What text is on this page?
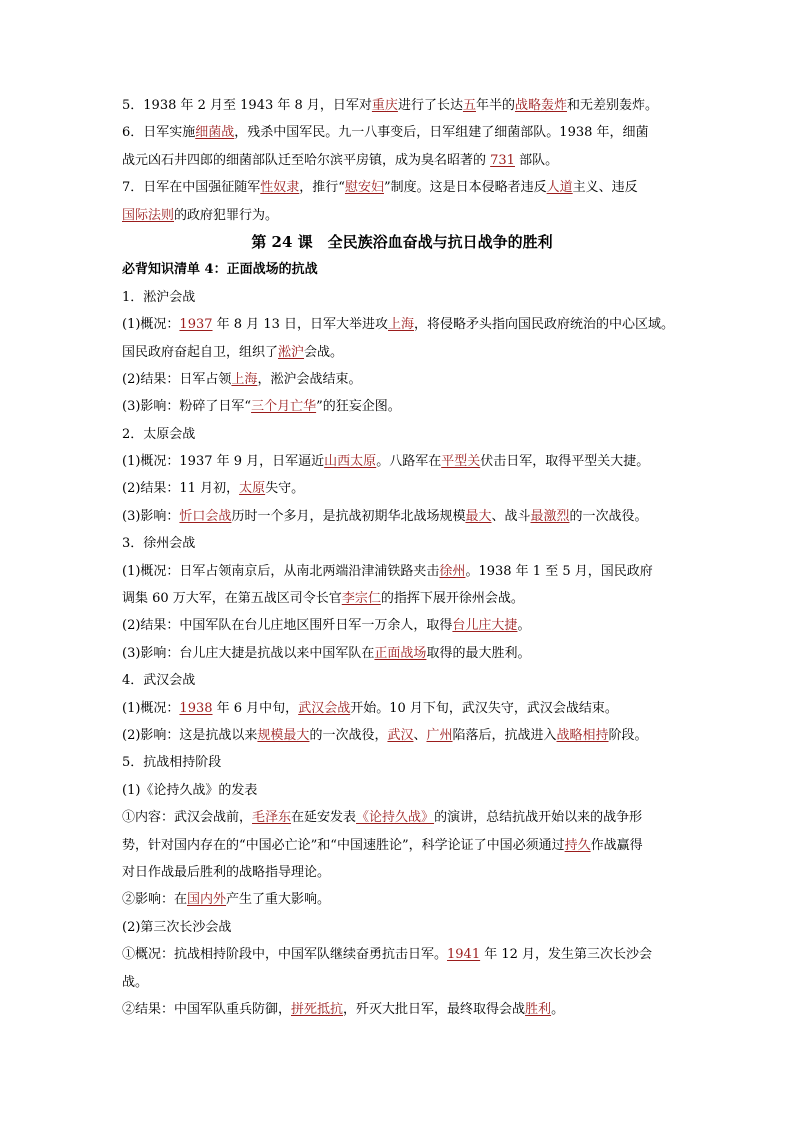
5．1938 年 2 月至 1943 年 8 月，日军对重庆进行了长达五年半的战略轰炸和无差别轰炸。
6．日军实施细菌战，残杀中国军民。九一八事变后，日军组建了细菌部队。1938 年，细菌
战元凶石井四郎的细菌部队迁至哈尔滨平房镇，成为臭名昭著的 731 部队。
7．日军在中国强征随军性奴隶，推行“慰安妇”制度。这是日本侵略者违反人道主义、违反
国际法则的政府犯罪行为。
第 24 课　全民族浴血奋战与抗日战争的胜利
必背知识清单 4：正面战场的抗战
1．淞沪会战
(1)概况：1937 年 8 月 13 日，日军大举进攻上海，将侵略矛头指向国民政府统治的中心区域。
国民政府奋起自卫，组织了淞沪会战。
(2)结果：日军占领上海，淞沪会战结束。
(3)影响：粉碎了日军“三个月亡华”的狂妄企图。
2．太原会战
(1)概况：1937 年 9 月，日军逼近山西太原。八路军在平型关伏击日军，取得平型关大捷。
(2)结果：11 月初，太原失守。
(3)影响：忻口会战历时一个多月，是抗战初期华北战场规模最大、战斗最激烈的一次战役。
3．徐州会战
(1)概况：日军占领南京后，从南北两端沿津浦铁路夹击徐州。1938 年 1 至 5 月，国民政府
调集 60 万大军，在第五战区司令长官李宗仁的指挥下展开徐州会战。
(2)结果：中国军队在台儿庄地区围歼日军一万余人，取得台儿庄大捷。
(3)影响：台儿庄大捷是抗战以来中国军队在正面战场取得的最大胜利。
4．武汉会战
(1)概况：1938 年 6 月中旬，武汉会战开始。10 月下旬，武汉失守，武汉会战结束。
(2)影响：这是抗战以来规模最大的一次战役，武汉、广州陷落后，抗战进入战略相持阶段。
5．抗战相持阶段
(1)《论持久战》的发表
①内容：武汉会战前，毛泽东在延安发表《论持久战》的演讲，总结抗战开始以来的战争形
势，针对国内存在的“中国必亡论”和“中国速胜论”，科学论证了中国必须通过持久作战赢得
对日作战最后胜利的战略指导理论。
②影响：在国内外产生了重大影响。
(2)第三次长沙会战
①概况：抗战相持阶段中，中国军队继续奋勇抗击日军。1941 年 12 月，发生第三次长沙会
战。
②结果：中国军队重兵防御，拼死抵抗，歼灭大批日军，最终取得会战胜利。
